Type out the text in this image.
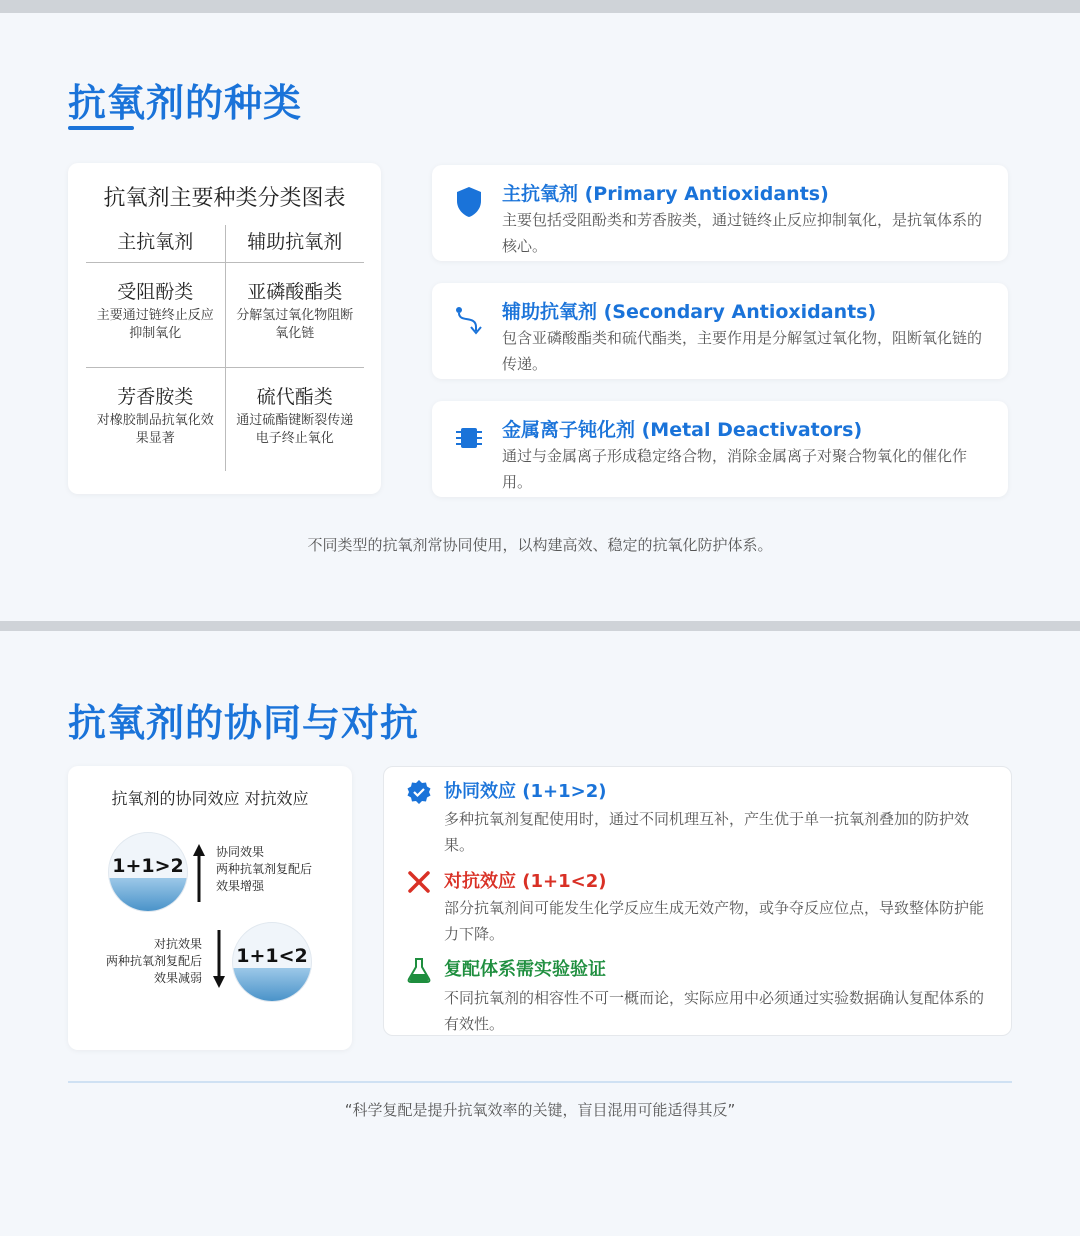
抗氧剂的种类
抗氧剂主要种类分类图表
主抗氧剂	辅助抗氧剂
受阻酚类
主要通过链终止反应抑制氧化
亚磷酸酯类
分解氢过氧化物阻断氧化链
芳香胺类
对橡胶制品抗氧化效果显著
硫代酯类
通过硫酯键断裂传递电子终止氧化
主抗氧剂 (Primary Antioxidants)
主要包括受阻酚类和芳香胺类，通过链终止反应抑制氧化，是抗氧体系的核心。
辅助抗氧剂 (Secondary Antioxidants)
包含亚磷酸酯类和硫代酯类，主要作用是分解氢过氧化物，阻断氧化链的传递。
金属离子钝化剂 (Metal Deactivators)
通过与金属离子形成稳定络合物，消除金属离子对聚合物氧化的催化作用。
不同类型的抗氧剂常协同使用，以构建高效、稳定的抗氧化防护体系。
抗氧剂的协同与对抗
抗氧剂的协同效应 对抗效应
1+1>2
协同效果
两种抗氧剂复配后
效果增强
对抗效果
两种抗氧剂复配后
效果减弱
1+1<2
协同效应 (1+1>2)
多种抗氧剂复配使用时，通过不同机理互补，产生优于单一抗氧剂叠加的防护效果。
对抗效应 (1+1<2)
部分抗氧剂间可能发生化学反应生成无效产物，或争夺反应位点，导致整体防护能力下降。
复配体系需实验验证
不同抗氧剂的相容性不可一概而论，实际应用中必须通过实验数据确认复配体系的有效性。
“科学复配是提升抗氧效率的关键，盲目混用可能适得其反”
